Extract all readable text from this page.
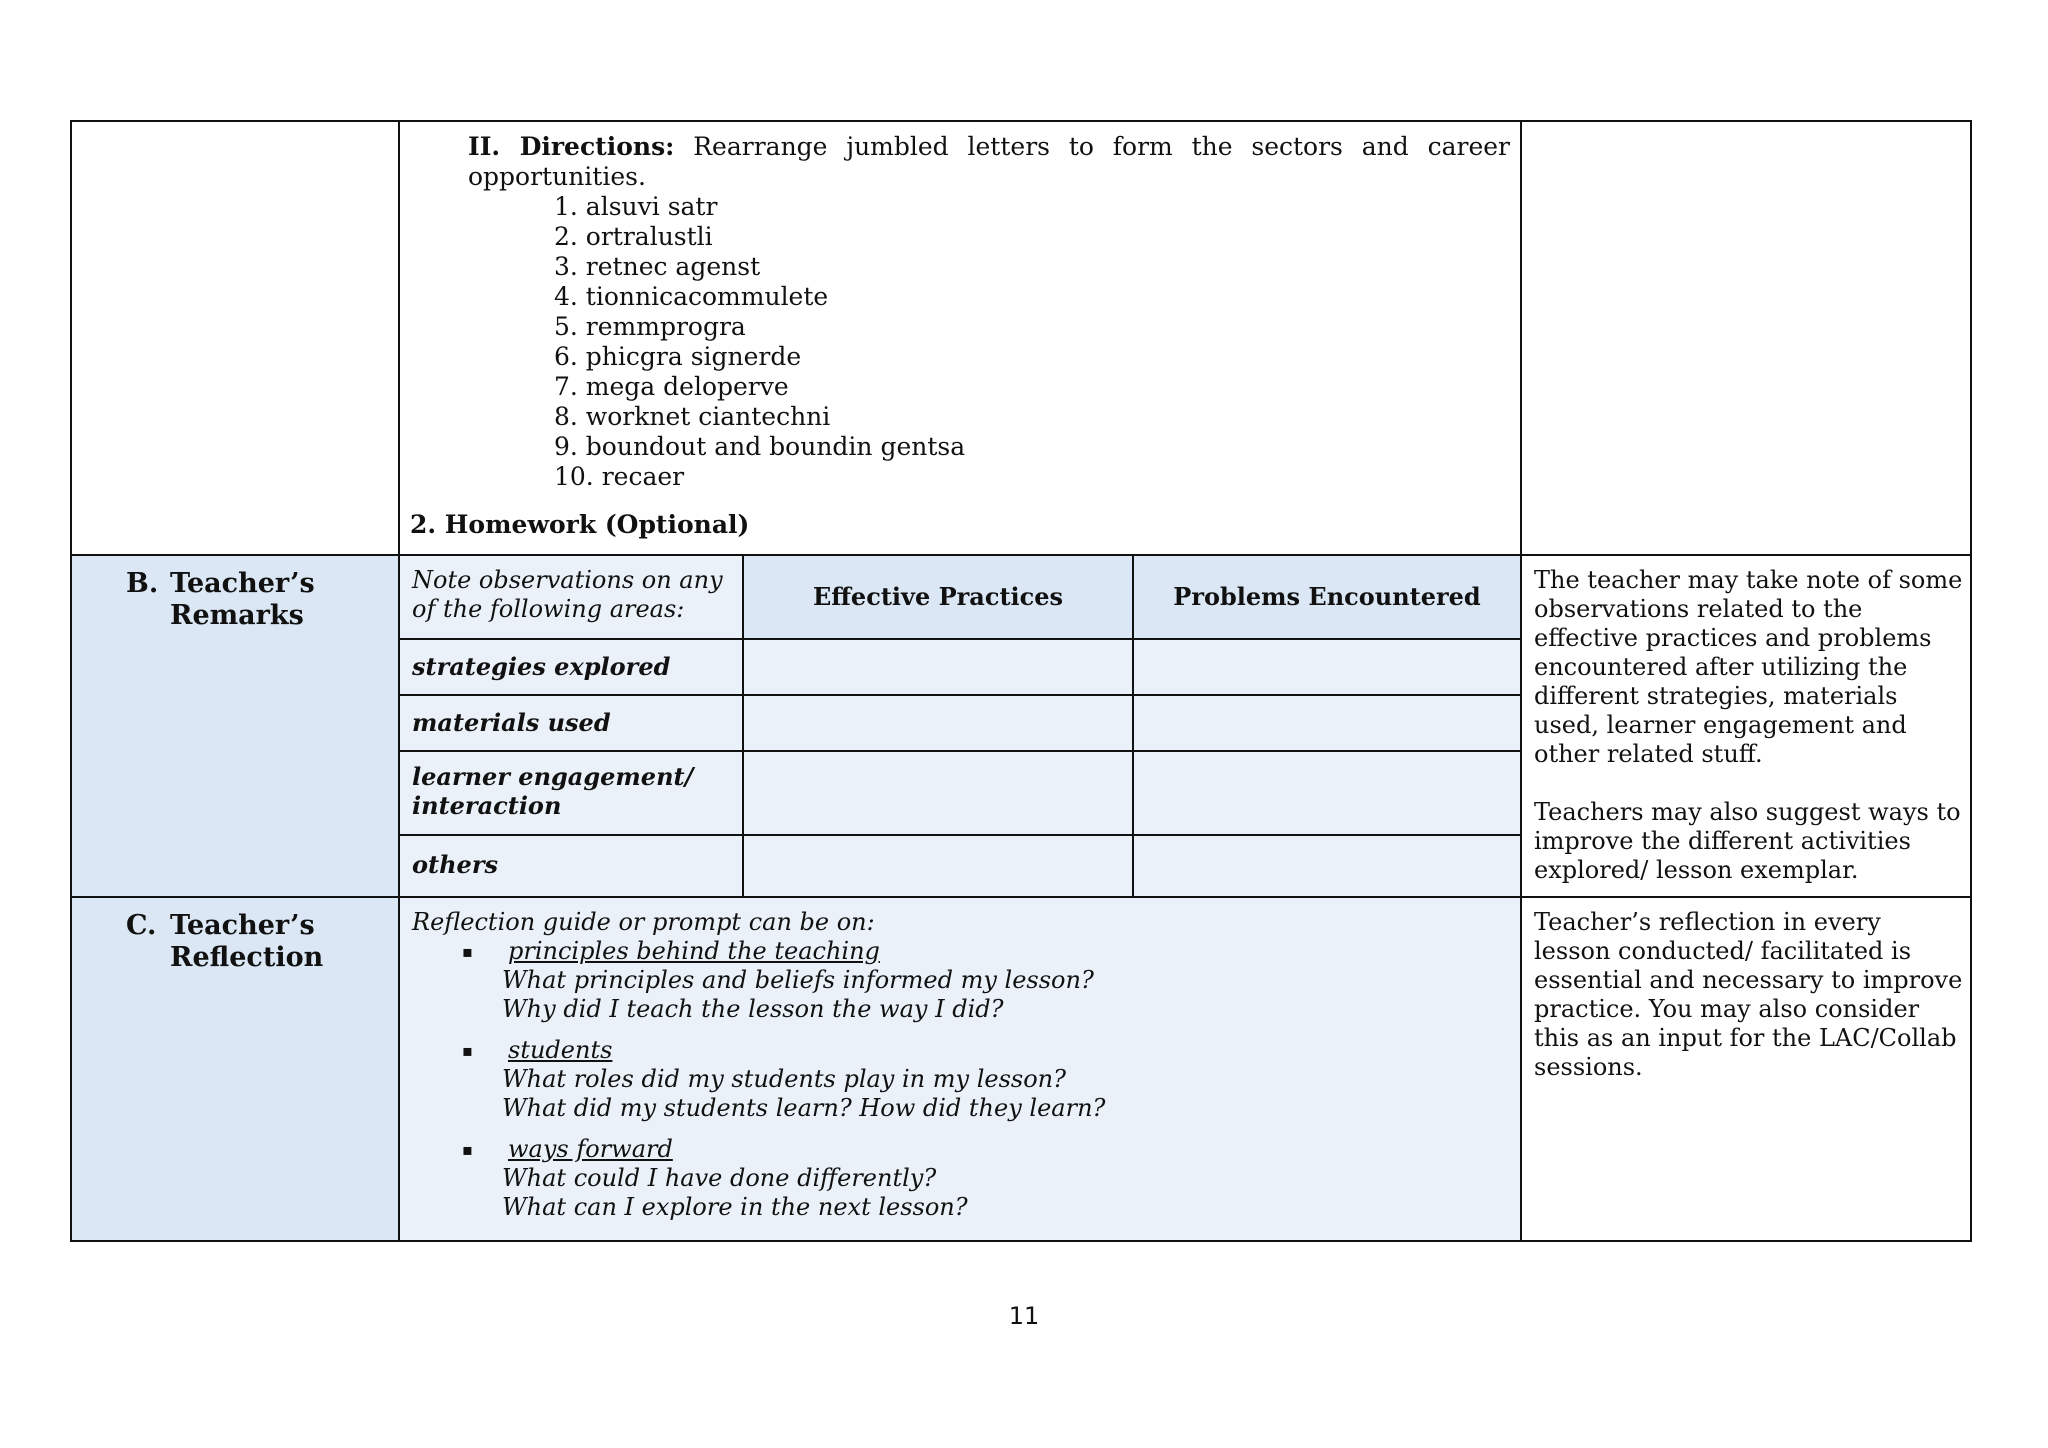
II. Directions: Rearrange jumbled letters to form the sectors and career
opportunities.
1. alsuvi satr
2. ortralustli
3. retnec agenst
4. tionnicacommulete
5. remmprogra
6. phicgra signerde
7. mega deloperve
8. worknet ciantechni
9. boundout and boundin gentsa
10. recaer
2. Homework (Optional)
B. Teacher’s
Remarks
Note observations on any of the following areas:	Effective Practices	Problems Encountered
strategies explored
materials used
learner engagement/ interaction
others
The teacher may take note of some observations related to the effective practices and problems encountered after utilizing the different strategies, materials used, learner engagement and other related stuff.
Teachers may also suggest ways to improve the different activities explored/ lesson exemplar.
C. Teacher’s
Reflection
Reflection guide or prompt can be on:
▪ principles behind the teaching
What principles and beliefs informed my lesson?
Why did I teach the lesson the way I did?
▪ students
What roles did my students play in my lesson?
What did my students learn? How did they learn?
▪ ways forward
What could I have done differently?
What can I explore in the next lesson?
Teacher’s reflection in every lesson conducted/ facilitated is essential and necessary to improve practice. You may also consider this as an input for the LAC/Collab sessions.
11
